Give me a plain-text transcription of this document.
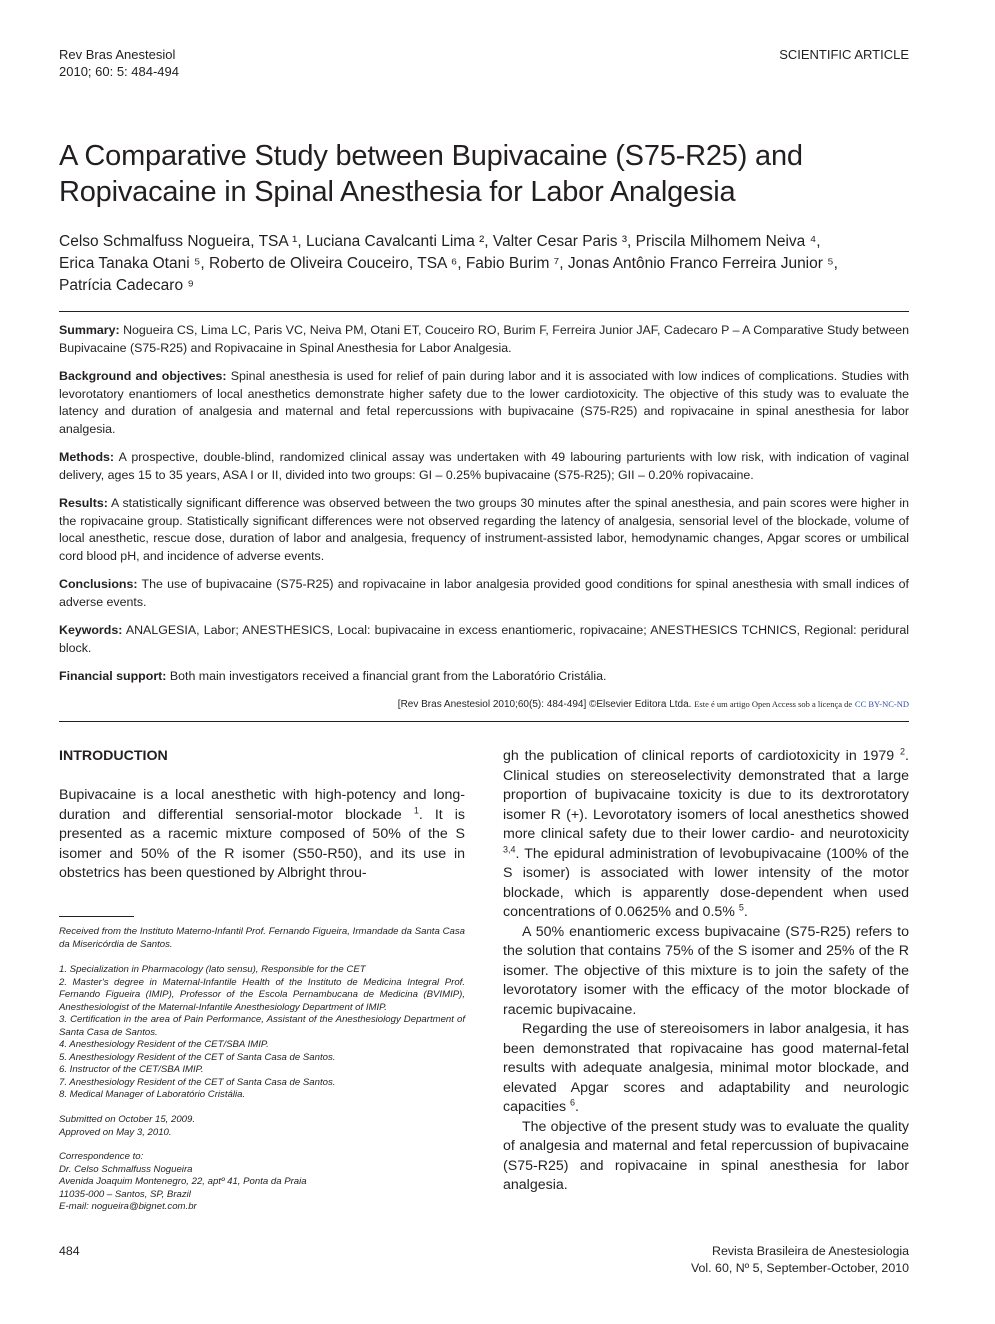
Rev Bras Anestesiol
2010; 60: 5: 484-494
SCIENTIFIC ARTICLE
A Comparative Study between Bupivacaine (S75-R25) and
Ropivacaine in Spinal Anesthesia for Labor Analgesia
Celso Schmalfuss Nogueira, TSA ¹, Luciana Cavalcanti Lima ², Valter Cesar Paris ³, Priscila Milhomem Neiva ⁴,
Erica Tanaka Otani ⁵, Roberto de Oliveira Couceiro, TSA ⁶, Fabio Burim ⁷, Jonas Antônio Franco Ferreira Junior ⁵,
Patrícia Cadecaro ⁹

Summary: Nogueira CS, Lima LC, Paris VC, Neiva PM, Otani ET, Couceiro RO, Burim F, Ferreira Junior JAF, Cadecaro P – A Comparative Study between Bupivacaine (S75-R25) and Ropivacaine in Spinal Anesthesia for Labor Analgesia.

Background and objectives: Spinal anesthesia is used for relief of pain during labor and it is associated with low indices of complications. Studies with levorotatory enantiomers of local anesthetics demonstrate higher safety due to the lower cardiotoxicity. The objective of this study was to evaluate the latency and duration of analgesia and maternal and fetal repercussions with bupivacaine (S75-R25) and ropivacaine in spinal anesthesia for labor analgesia.

Methods: A prospective, double-blind, randomized clinical assay was undertaken with 49 labouring parturients with low risk, with indication of vaginal delivery, ages 15 to 35 years, ASA I or II, divided into two groups: GI – 0.25% bupivacaine (S75-R25); GII – 0.20% ropivacaine.

Results: A statistically significant difference was observed between the two groups 30 minutes after the spinal anesthesia, and pain scores were higher in the ropivacaine group. Statistically significant differences were not observed regarding the latency of analgesia, sensorial level of the blockade, volume of local anesthetic, rescue dose, duration of labor and analgesia, frequency of instrument-assisted labor, hemodynamic changes, Apgar scores or umbilical cord blood pH, and incidence of adverse events.

Conclusions: The use of bupivacaine (S75-R25) and ropivacaine in labor analgesia provided good conditions for spinal anesthesia with small indices of adverse events.

Keywords: ANALGESIA, Labor; ANESTHESICS, Local: bupivacaine in excess enantiomeric, ropivacaine; ANESTHESICS TCHNICS, Regional: peridural block.

Financial support: Both main investigators received a financial grant from the Laboratório Cristália.

[Rev Bras Anestesiol 2010;60(5): 484-494] ©Elsevier Editora Ltda. Este é um artigo Open Access sob a licença de CC BY-NC-ND
INTRODUCTION

Bupivacaine is a local anesthetic with high-potency and long-duration and differential sensorial-motor blockade $^1$. It is presented as a racemic mixture composed of 50% of the S isomer and 50% of the R isomer (S50-R50), and its use in obstetrics has been questioned by Albright throu-

gh the publication of clinical reports of cardiotoxicity in 1979 $^2$. Clinical studies on stereoselectivity demonstrated that a large proportion of bupivacaine toxicity is due to its dextrorotatory isomer R (+). Levorotatory isomers of local anesthetics showed more clinical safety due to their lower cardio- and neurotoxicity $^{3,4}$. The epidural administration of levobupivacaine (100% of the S isomer) is associated with lower intensity of the motor blockade, which is apparently dose-dependent when used concentrations of 0.0625% and 0.5% $^5$.

A 50% enantiomeric excess bupivacaine (S75-R25) refers to the solution that contains 75% of the S isomer and 25% of the R isomer. The objective of this mixture is to join the safety of the levorotatory isomer with the efficacy of the motor blockade of racemic bupivacaine.

Regarding the use of stereoisomers in labor analgesia, it has been demonstrated that ropivacaine has good maternal-fetal results with adequate analgesia, minimal motor blockade, and elevated Apgar scores and adaptability and neurologic capacities $^6$.

The objective of the present study was to evaluate the quality of analgesia and maternal and fetal repercussion of bupivacaine (S75-R25) and ropivacaine in spinal anesthesia for labor analgesia.

Received from the Instituto Materno-Infantil Prof. Fernando Figueira, Irmandade da Santa Casa da Misericórdia de Santos.
1. Specialization in Pharmacology (lato sensu), Responsible for the CET
2. Master's degree in Maternal-Infantile Health of the Instituto de Medicina Integral Prof. Fernando Figueira (IMIP), Professor of the Escola Pernambucana de Medicina (BVIMIP), Anesthesiologist of the Maternal-Infantile Anesthesiology Department of IMIP.
3. Certification in the area of Pain Performance, Assistant of the Anesthesiology Department of Santa Casa de Santos.
4. Anesthesiology Resident of the CET/SBA IMIP.
5. Anesthesiology Resident of the CET of Santa Casa de Santos.
6. Instructor of the CET/SBA IMIP.
7. Anesthesiology Resident of the CET of Santa Casa de Santos.
8. Medical Manager of Laboratório Cristália.
Submitted on October 15, 2009.
Approved on May 3, 2010.
Correspondence to:
Dr. Celso Schmalfuss Nogueira
Avenida Joaquim Montenegro, 22, aptº 41, Ponta da Praia
11035-000 – Santos, SP, Brazil
E-mail: nogueira@bignet.com.br
484	Revista Brasileira de Anestesiologia
Vol. 60, Nº 5, September-October, 2010
